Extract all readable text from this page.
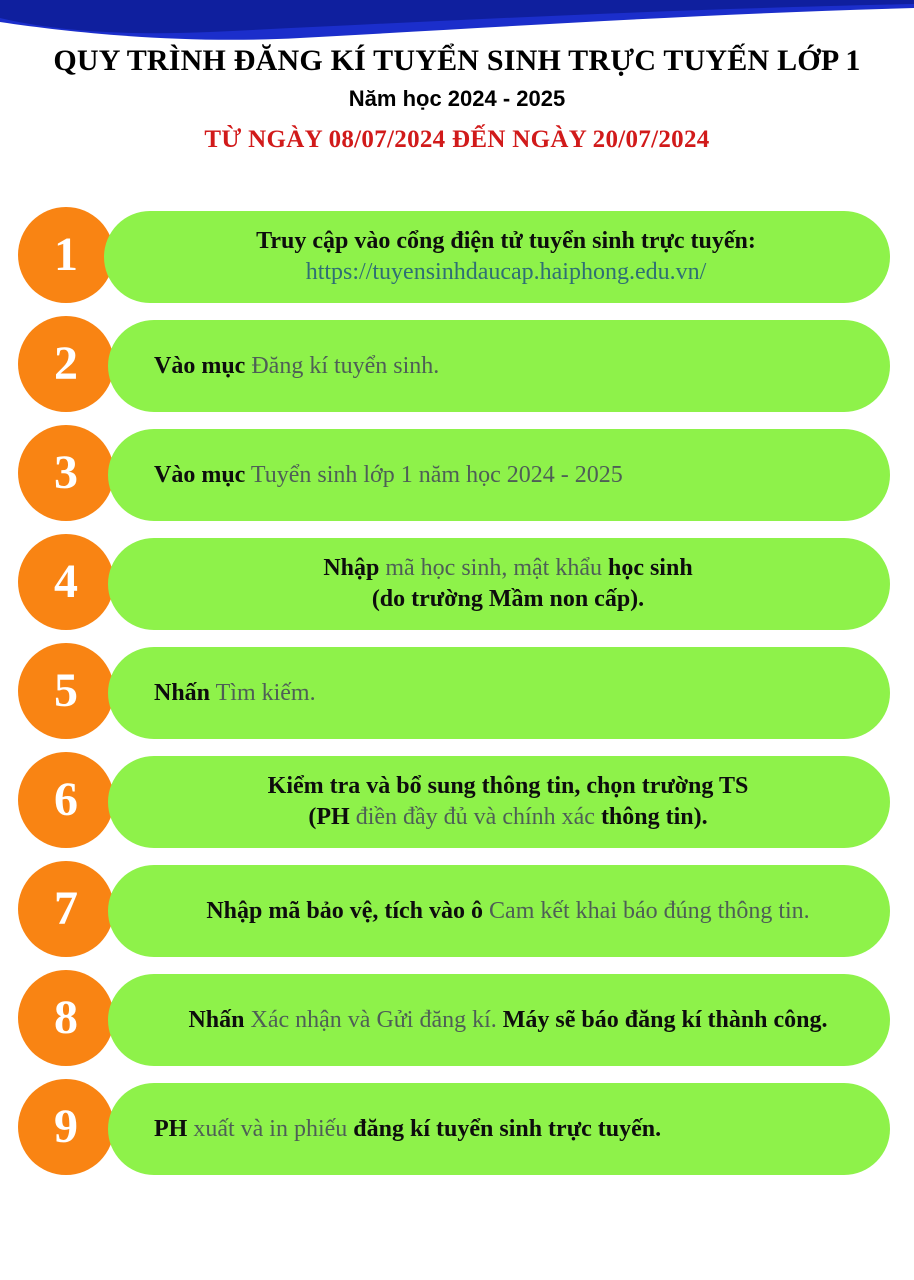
QUY TRÌNH ĐĂNG KÍ TUYỂN SINH TRỰC TUYẾN LỚP 1
Năm học 2024 - 2025
TỪ NGÀY 08/07/2024 ĐẾN NGÀY 20/07/2024
1	Truy cập vào cổng điện tử tuyển sinh trực tuyến:
https://tuyensinhdaucap.haiphong.edu.vn/
2	Vào mục Đăng kí tuyển sinh.
3	Vào mục Tuyển sinh lớp 1 năm học 2024 - 2025
4	Nhập mã học sinh, mật khẩu học sinh
(do trường Mầm non cấp).
5	Nhấn Tìm kiếm.
6	Kiểm tra và bổ sung thông tin, chọn trường TS
(PH điền đầy đủ và chính xác thông tin).
7	Nhập mã bảo vệ, tích vào ô Cam kết khai báo đúng thông tin.
8	Nhấn Xác nhận và Gửi đăng kí. Máy sẽ báo đăng kí thành công.
9	PH xuất và in phiếu đăng kí tuyển sinh trực tuyến.
